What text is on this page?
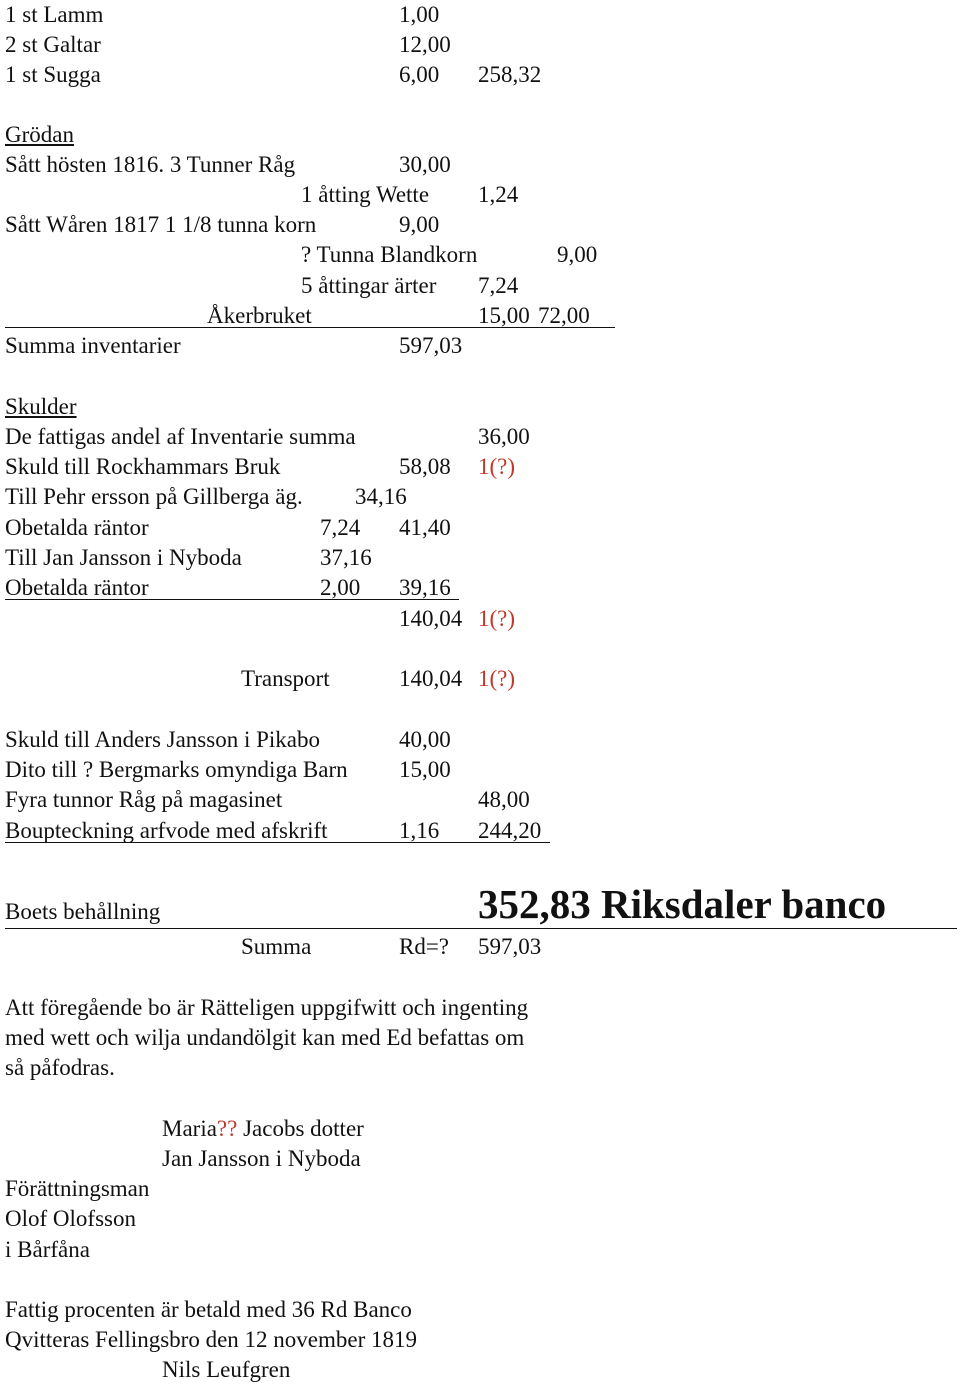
1 st Lamm	1,00
2 st Galtar	12,00
1 st Sugga	6,00 258,32
Grödan
Sått hösten 1816. 3 Tunner Råg	30,00
1 åtting Wette 1,24
Sått Wåren 1817 1 1/8 tunna korn	9,00
? Tunna Blandkorn	9,00
5 åttingar ärter 7,24
Åkerbruket	15,00 72,00
Summa inventarier	597,03
Skulder
De fattigas andel af Inventarie summa	36,00
Skuld till Rockhammars Bruk	58,08 1(?)
Till Pehr ersson på Gillberga äg. 34,16
Obetalda räntor	7,24 41,40
Till Jan Jansson i Nyboda	37,16
Obetalda räntor	2,00 39,16
140,04 1(?)
Transport	140,04 1(?)
Skuld till Anders Jansson i Pikabo	40,00
Dito till ? Bergmarks omyndiga Barn 15,00
Fyra tunnor Råg på magasinet	48,00
Boupteckning arfvode med afskrift	1,16 244,20
Boets behållning	352,83 Riksdaler banco
Summa	Rd=? 597,03
Att föregående bo är Rätteligen uppgifwitt och ingenting
med wett och wilja undandölgit kan med Ed befattas om
så påfodras.
Maria?? Jacobs dotter
Jan Jansson i Nyboda
Förättningsman
Olof Olofsson
i Bårfåna
Fattig procenten är betald med 36 Rd Banco
Qvitteras Fellingsbro den 12 november 1819
Nils Leufgren
